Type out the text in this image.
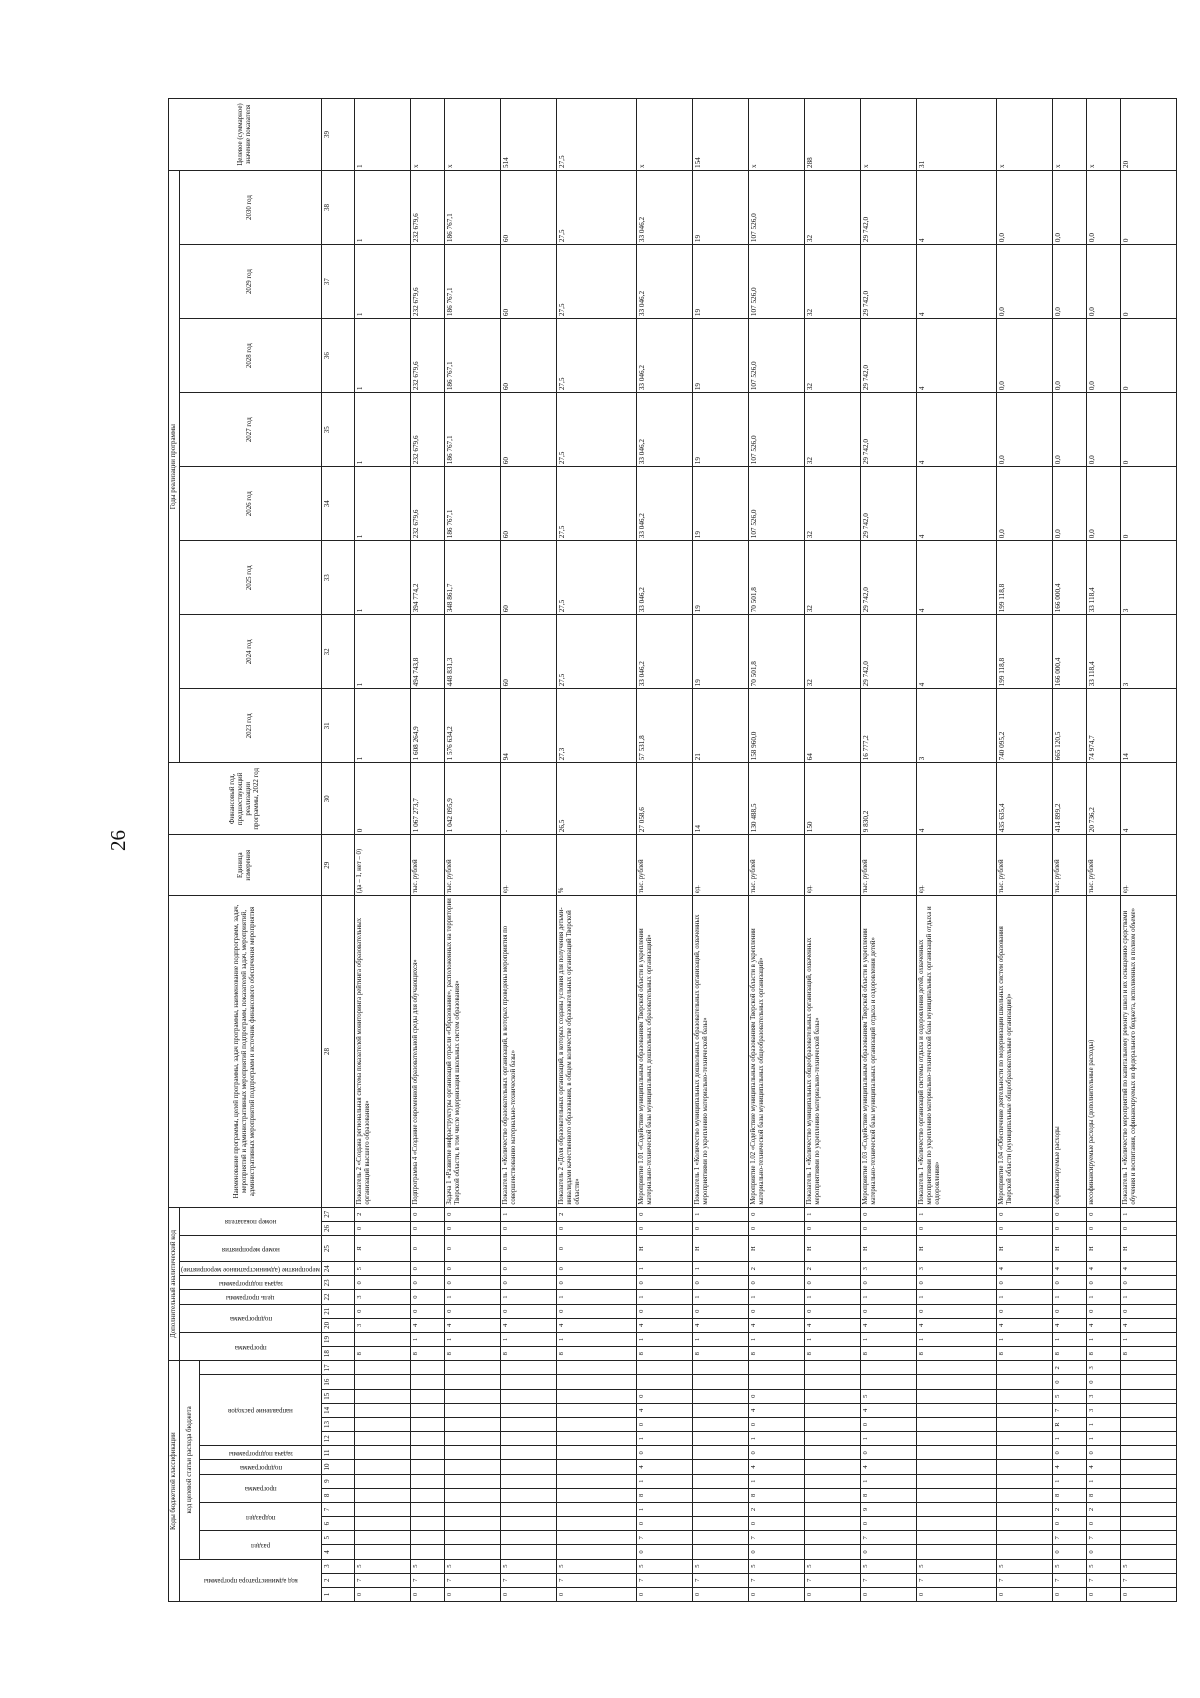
26
Коды бюджетной классификации																	Дополнительный аналитический код										Наименование программы, целей программы, задач программы, наименование подпрограмм, задач, мероприятий и административных мероприятий подпрограмм, показателей задач, мероприятий, административных мероприятий подпрограмм и источник финансового обеспечения мероприятия	Единица измерения	Финансовый год, предшествующий реализации программы, 2022 год	Годы реализации программы								Целевое (суммарное) значение показателя

код администратора программы			код целевой статьи расхода бюджета														программа		подпрограмма		цель программы	задача подпрограммы	мероприятие (административное мероприятие)	номер мероприятия	номер показателя					2023 год	2024 год	2025 год	2026 год	2027 год	2028 год	2029 год	2030 год	

			раздел		подраздел		программа		подпрограмма	задача подпрограммы	направление расходов																											

1	2	3	4	5	6	7	8	9	10	11	12	13	14	15	16	17	18	19	20	21	22	23	24	25	26	27	28	29	30	31	32	33	34	35	36	37	38	39
0	7	5															8		3	0	3	0	5	Я	0	2	Показатель 2 «Создана региональная система показателей мониторинга рейтинга образовательных организаций высшего образования»	(да – 1, нет – 0)	0	1	1	1	1	1	1	1	1	1
0	7	5															8	1	4	0	0	0	0	0	0	0	Подпрограмма 4 «Создание современной образовательной среды для обучающихся»	тыс. рублей	1 067 273,7	1 608 264,9	494 743,8	394 774,2	232 679,6	232 679,6	232 679,6	232 679,6	232 679,6	х
0	7	5															8	1	4	0	1	0	0	0	0	0	Задача 1 «Развитие инфраструктуры организаций отрасли «Образование», расположенных на территории Тверской области, в том числе модернизация школьных систем образования»	тыс. рублей	1 042 095,9	1 576 634,2	448 831,3	348 861,7	186 767,1	186 767,1	186 767,1	186 767,1	186 767,1	х
0	7	5															8	1	4	0	1	0	0	0	0	1	Показатель 1 «Количество образовательных организаций, в которых проведены мероприятия по совершенствованию материально-технической базы»	ед.	-	94	60	60	60	60	60	60	60	514
0	7	5															8	1	4	0	1	0	0	0	0	2	Показатель 2 «Доля образовательных организаций, в которых созданы условия для получения детьми-инвалидами качественного образования, в общем количестве образовательных организаций Тверской области»	%	26,5	27,3	27,5	27,5	27,5	27,5	27,5	27,5	27,5	27,5
0	7	5	0	7	0	1	8	1	4	0	1	0	4	0			8	1	4	0	1	0	1	Н	0	0	Мероприятие 1.01 «Содействие муниципальным образованиям Тверской области в укреплении материально-технической базы муниципальных дошкольных образовательных организаций»	тыс. рублей	27 058,6	57 531,8	33 046,2	33 046,2	33 046,2	33 046,2	33 046,2	33 046,2	33 046,2	х
0	7	5															8	1	4	0	1	0	1	Н	0	1	Показатель 1 «Количество муниципальных дошкольных образовательных организаций, охваченных мероприятиями по укреплению материально-технической базы»	ед.	14	21	19	19	19	19	19	19	19	154
0	7	5	0	7	0	2	8	1	4	0	1	0	4	0			8	1	4	0	1	0	2	Н	0	0	Мероприятие 1.02 «Содействие муниципальным образованиям Тверской области в укреплении материально-технической базы муниципальных общеобразовательных организаций»	тыс. рублей	130 488,5	158 960,0	70 501,8	70 501,8	107 526,0	107 526,0	107 526,0	107 526,0	107 526,0	х
0	7	5															8	1	4	0	1	0	2	Н	0	1	Показатель 1 «Количество муниципальных общеобразовательных организаций, охваченных мероприятиями по укреплению материально-технической базы»	ед.	150	64	32	32	32	32	32	32	32	288
0	7	5	0	7	0	9	8	1	4	0	1	0	4	5			8	1	4	0	1	0	3	Н	0	0	Мероприятие 1.03 «Содействие муниципальным образованиям Тверской области в укреплении материально-технической базы муниципальных организаций отдыха и оздоровления детей»	тыс. рублей	9 830,2	16 777,2	29 742,0	29 742,0	29 742,0	29 742,0	29 742,0	29 742,0	29 742,0	х
0	7	5															8	1	4	0	1	0	3	Н	0	1	Показатель 1 «Количество организаций системы отдыха и оздоровления детей, охваченных мероприятиями по укреплению материально-технической базы муниципальных организаций отдыха и оздоровления»	ед.	4	3	4	4	4	4	4	4	4	31
0	7	5															8	1	4	0	1	0	4	Н	0	0	Мероприятие 1.04 «Обеспечение деятельности по модернизации школьных систем образования Тверской области (муниципальные общеобразовательные организации)»	тыс. рублей	435 635,4	740 095,2	199 118,8	199 118,8	0,0	0,0	0,0	0,0	0,0	х
0	7	5	0	7	0	2	8	1	4	0	1	R	7	5	0	2	8	1	4	0	1	0	4	Н	0	0	софинансируемые расходы	тыс. рублей	414 899,2	665 120,5	166 000,4	166 000,4	0,0	0,0	0,0	0,0	0,0	х
0	7	5	0	7	0	2	8	1	4	0	1	1	3	3	0	3	8	1	4	0	1	0	4	Н	0	0	несофинансируемые расходы (дополнительные расходы)	тыс. рублей	20 736,2	74 974,7	33 118,4	33 118,4	0,0	0,0	0,0	0,0	0,0	х
0	7	5															8	1	4	0	1	0	4	Н	0	1	Показатель 1 «Количество мероприятий по капитальному ремонту школ и их оснащению средствами обучения и воспитания, софинансируемых из федерального бюджета, исполненных в полном объеме»	ед.	4	14	3	3	0	0	0	0	0	20
